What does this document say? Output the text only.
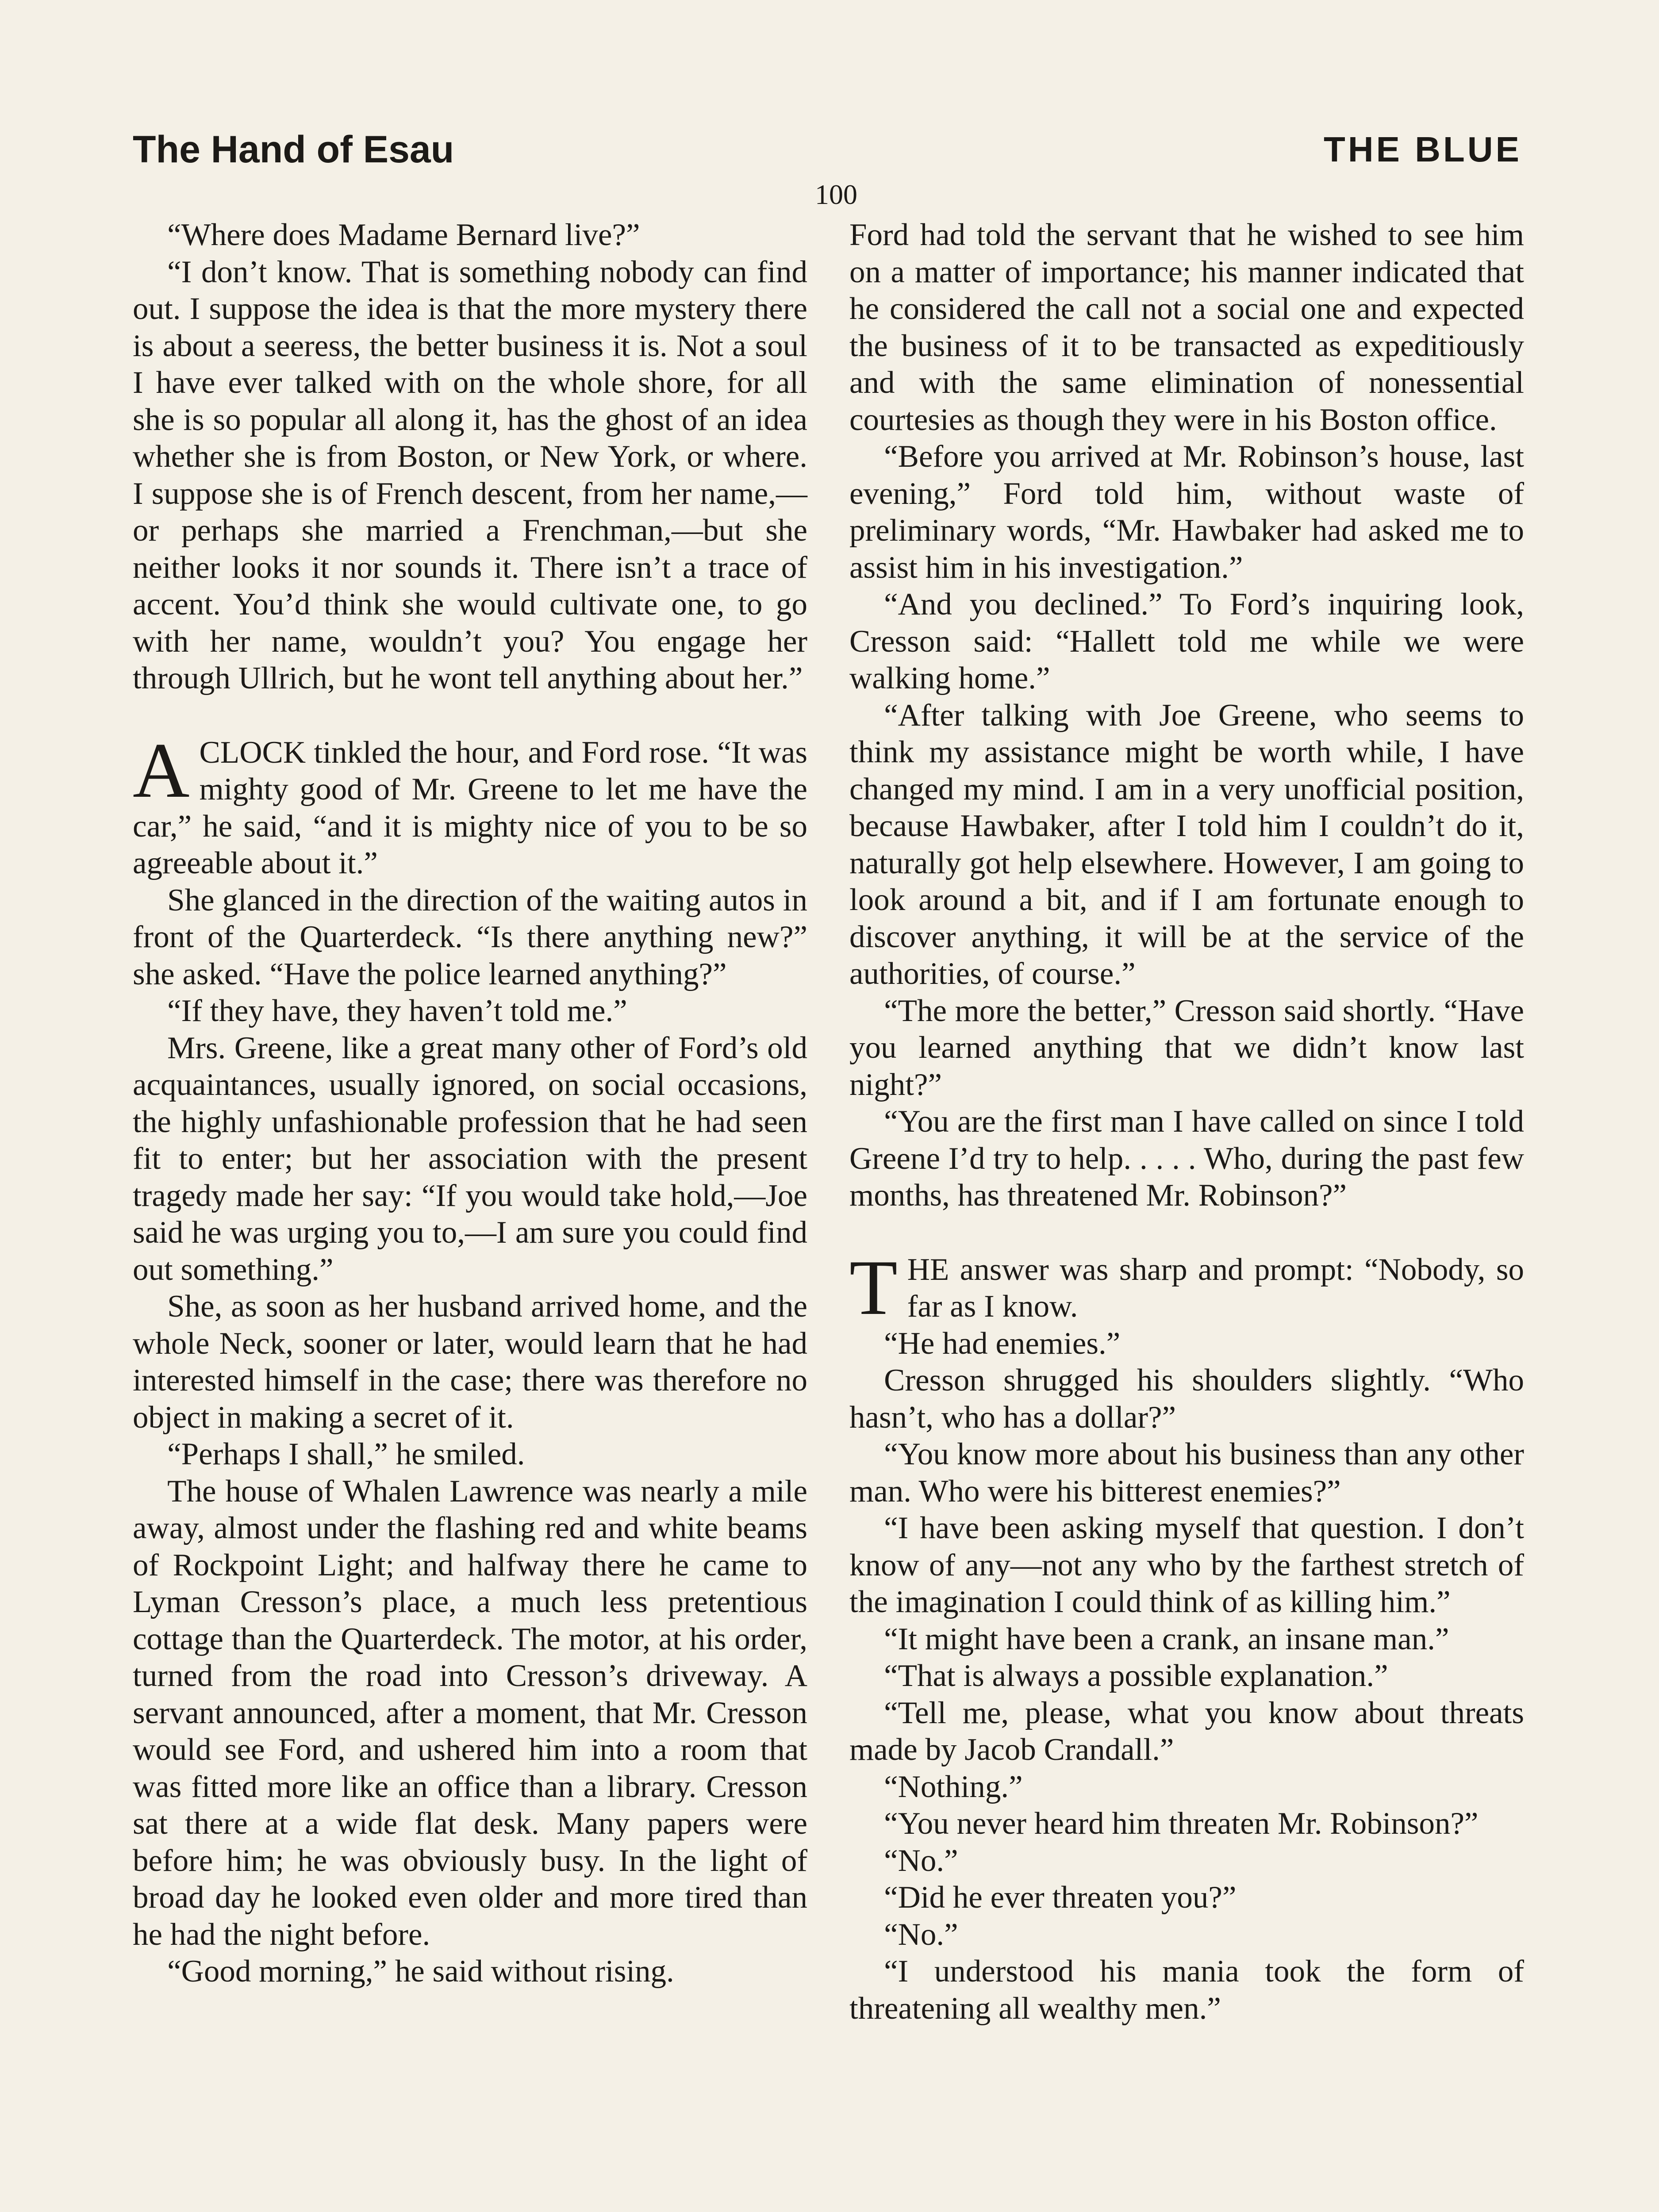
The Hand of Esau	THE BLUE
100

“Where does Madame Bernard live?”

“I don’t know. That is something nobody can find out. I suppose the idea is that the more mystery there is about a seeress, the better business it is. Not a soul I have ever talked with on the whole shore, for all she is so popular all along it, has the ghost of an idea whether she is from Boston, or New York, or where. I suppose she is of French descent, from her name,—or perhaps she married a Frenchman,—but she neither looks it nor sounds it. There isn’t a trace of accent. You’d think she would cultivate one, to go with her name, wouldn’t you? You engage her through Ullrich, but he wont tell anything about her.”

ACLOCK tinkled the hour, and Ford rose. “It was mighty good of Mr. Greene to let me have the car,” he said, “and it is mighty nice of you to be so agreeable about it.”

She glanced in the direction of the waiting autos in front of the Quarterdeck. “Is there anything new?” she asked. “Have the police learned anything?”

“If they have, they haven’t told me.”

Mrs. Greene, like a great many other of Ford’s old acquaintances, usually ignored, on social occasions, the highly unfashionable profession that he had seen fit to enter; but her association with the present tragedy made her say: “If you would take hold,—Joe said he was urging you to,—I am sure you could find out something.”

She, as soon as her husband arrived home, and the whole Neck, sooner or later, would learn that he had interested himself in the case; there was therefore no object in making a secret of it.

“Perhaps I shall,” he smiled.

The house of Whalen Lawrence was nearly a mile away, almost under the flashing red and white beams of Rockpoint Light; and halfway there he came to Lyman Cresson’s place, a much less pretentious cottage than the Quarterdeck. The motor, at his order, turned from the road into Cresson’s driveway. A servant announced, after a moment, that Mr. Cresson would see Ford, and ushered him into a room that was fitted more like an office than a library. Cresson sat there at a wide flat desk. Many papers were before him; he was obviously busy. In the light of broad day he looked even older and more tired than he had the night before.

“Good morning,” he said without rising.

Ford had told the servant that he wished to see him on a matter of importance; his manner indicated that he considered the call not a social one and expected the business of it to be transacted as expeditiously and with the same elimination of nonessential courtesies as though they were in his Boston office.

“Before you arrived at Mr. Robinson’s house, last evening,” Ford told him, without waste of preliminary words, “Mr. Hawbaker had asked me to assist him in his investigation.”

“And you declined.” To Ford’s inquiring look, Cresson said: “Hallett told me while we were walking home.”

“After talking with Joe Greene, who seems to think my assistance might be worth while, I have changed my mind. I am in a very unofficial position, because Hawbaker, after I told him I couldn’t do it, naturally got help elsewhere. However, I am going to look around a bit, and if I am fortunate enough to discover anything, it will be at the service of the authorities, of course.”

“The more the better,” Cresson said shortly. “Have you learned anything that we didn’t know last night?”

“You are the first man I have called on since I told Greene I’d try to help. . . . . Who, during the past few months, has threatened Mr. Robinson?”

THE answer was sharp and prompt: “Nobody, so far as I know.

“He had enemies.”

Cresson shrugged his shoulders slightly. “Who hasn’t, who has a dollar?”

“You know more about his business than any other man. Who were his bitterest enemies?”

“I have been asking myself that question. I don’t know of any—not any who by the farthest stretch of the imagination I could think of as killing him.”

“It might have been a crank, an insane man.”

“That is always a possible explanation.”

“Tell me, please, what you know about threats made by Jacob Crandall.”

“Nothing.”

“You never heard him threaten Mr. Robinson?”

“No.”

“Did he ever threaten you?”

“No.”

“I understood his mania took the form of threatening all wealthy men.”
